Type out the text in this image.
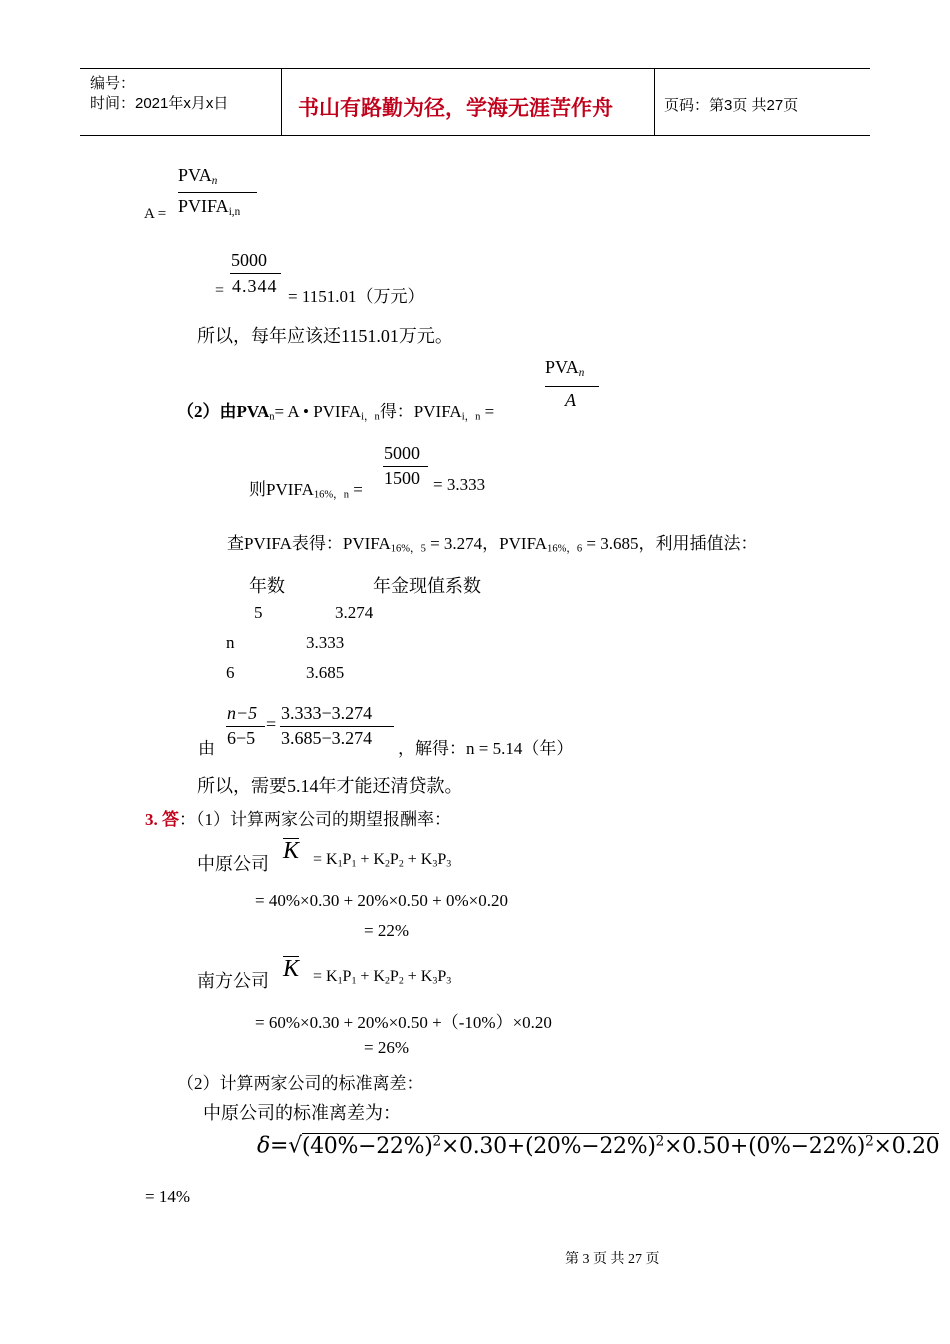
编号：
时间：2021年x月x日	书山有路勤为径，学海无涯苦作舟	页码：第3页 共27页
$PVA_n$
$A = PVIFA_{i,n}$
5000
= 4.344
= 1151.01（万元）
所以，每年应该还1151.01万元。
$PVA_n$
A
（2）由$PVA_n= A$ • $PVIFA_{i,n}$得：$PVIFA_{i,n}$ =
5000
1500
则$PVIFA_{16\%,n}$ =	= 3.333
查PVIFA表得：$PVIFA_{16\%,5} = 3.274$，$PVIFA_{16\%,6} = 3.685$，利用插值法：
年数	年金现值系数
5	3.274
n	3.333
6	3.685
n−5
6−5
=
3.333−3.274
3.685−3.274
由	，解得：n = 5.14（年）
所以，需要5.14年才能还清贷款。
3. 答：（1）计算两家公司的期望报酬率：
中原公司 $K = K_1P_1 + K_2P_2 + K_3P_3$
= 40%×0.30 + 20%×0.50 + 0%×0.20
= 22%
南方公司 $K = K_1P_1 + K_2P_2 + K_3P_3$
= 60%×0.30 + 20%×0.50 +（-10%）×0.20
= 26%
（2）计算两家公司的标准离差：
中原公司的标准离差为：
$\delta=√(40\%-22\%)^2\times 0.30+(20\%-22\%)^2\times 0.50+(0\%-22\%)^2\times 0.20$
= 14%
第 3 页 共 27 页
